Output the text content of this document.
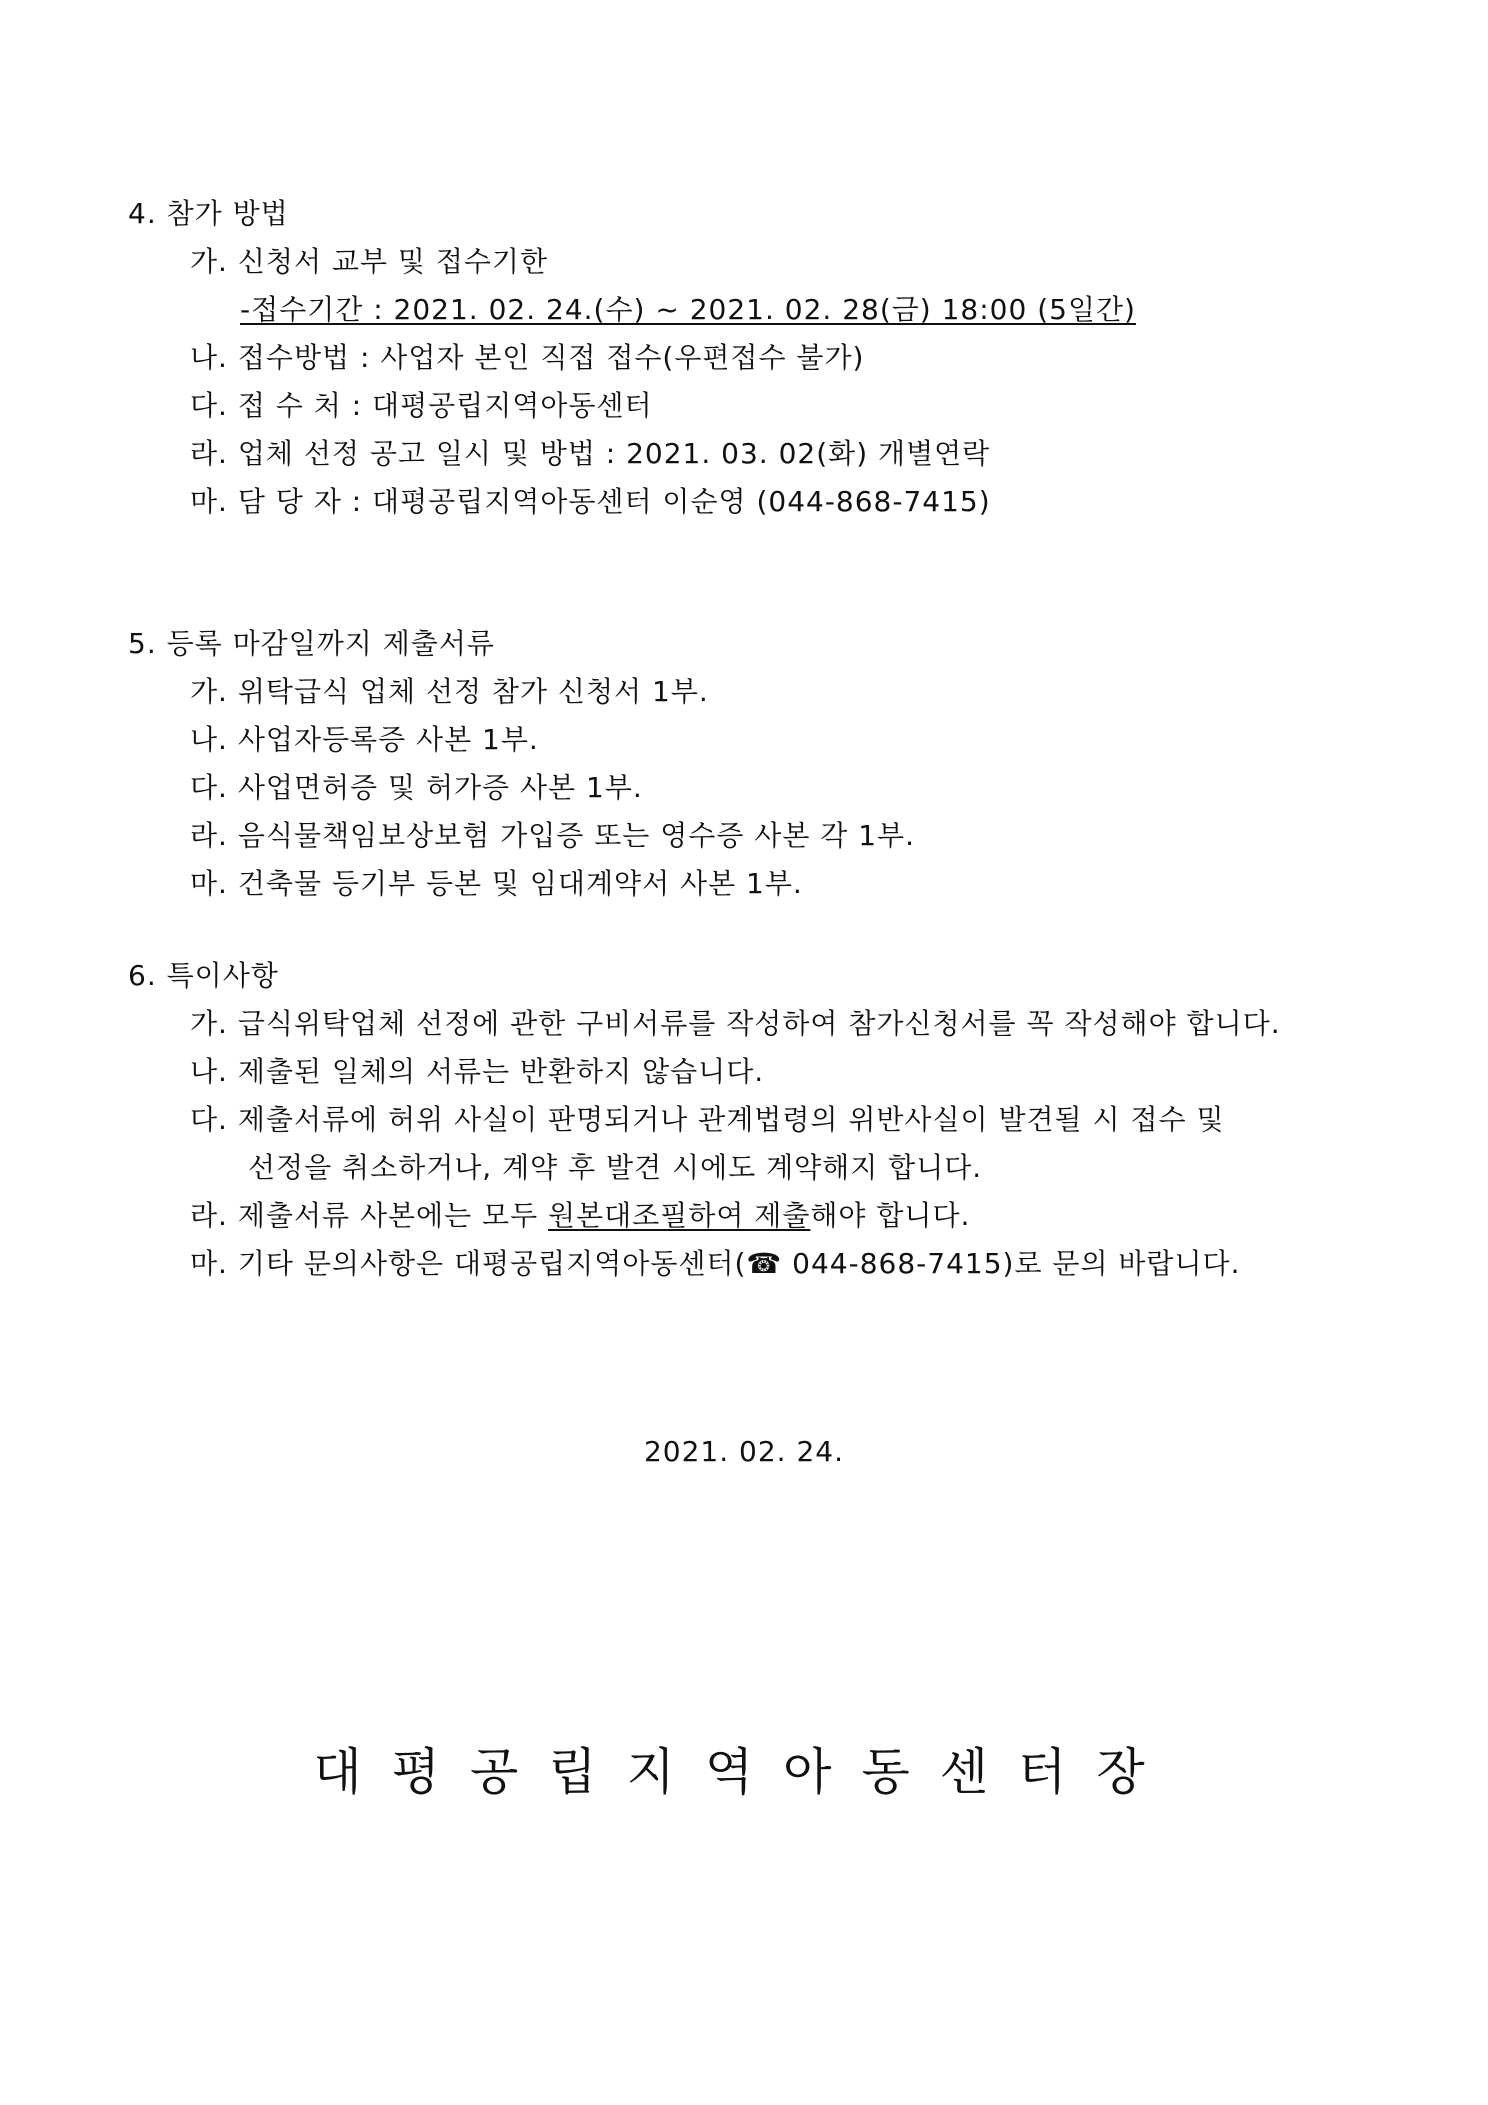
4. 참가 방법
가. 신청서 교부 및 접수기한
-접수기간 : 2021. 02. 24.(수) ~ 2021. 02. 28(금) 18:00 (5일간)
나. 접수방법 : 사업자 본인 직접 접수(우편접수 불가)
다. 접 수 처 : 대평공립지역아동센터
라. 업체 선정 공고 일시 및 방법 : 2021. 03. 02(화) 개별연락
마. 담 당 자 : 대평공립지역아동센터 이순영 (044-868-7415)
5. 등록 마감일까지 제출서류
가. 위탁급식 업체 선정 참가 신청서 1부.
나. 사업자등록증 사본 1부.
다. 사업면허증 및 허가증 사본 1부.
라. 음식물책임보상보험 가입증 또는 영수증 사본 각 1부.
마. 건축물 등기부 등본 및 임대계약서 사본 1부.
6. 특이사항
가. 급식위탁업체 선정에 관한 구비서류를 작성하여 참가신청서를 꼭 작성해야 합니다.
나. 제출된 일체의 서류는 반환하지 않습니다.
다. 제출서류에 허위 사실이 판명되거나 관계법령의 위반사실이 발견될 시 접수 및
선정을 취소하거나, 계약 후 발견 시에도 계약해지 합니다.
라. 제출서류 사본에는 모두 원본대조필하여 제출해야 합니다.
마. 기타 문의사항은 대평공립지역아동센터(☎ 044-868-7415)로 문의 바랍니다.
2021. 02. 24.
대평공립지역아동센터장
